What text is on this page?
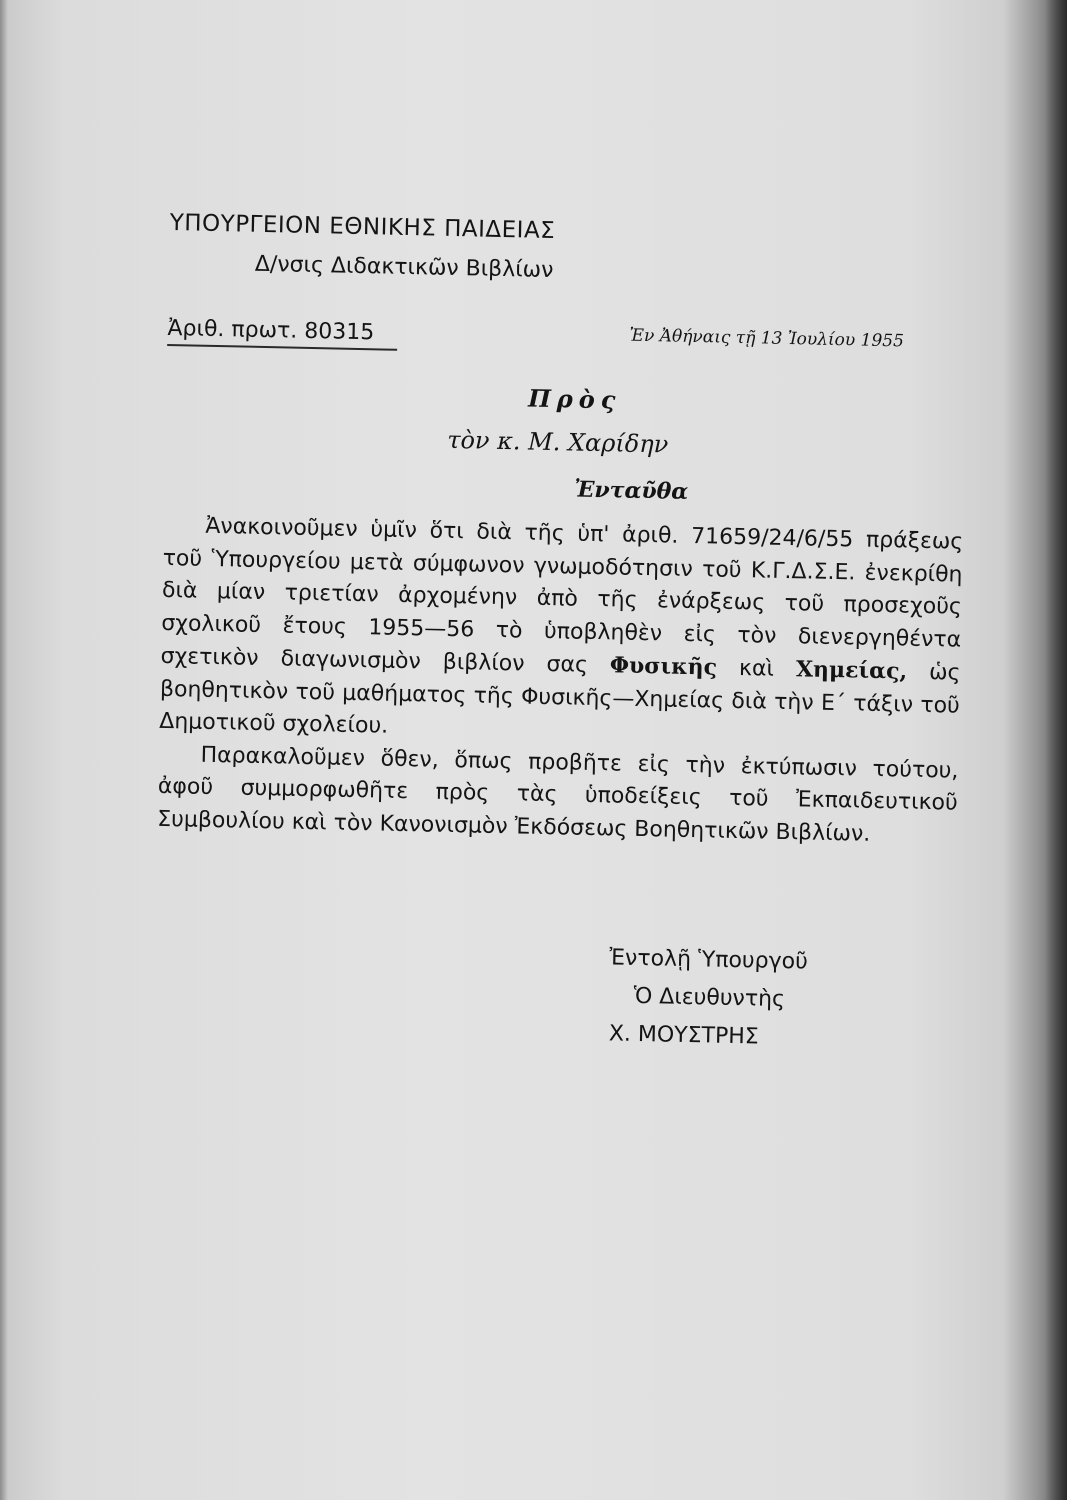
ΥΠΟΥΡΓΕΙΟΝ ΕΘΝΙΚΗΣ ΠΑΙΔΕΙΑΣ
Δ/νσις Διδακτικῶν Βιβλίων
Ἀριθ. πρωτ. 80315	Ἐν Ἀθήναις τῇ 13 Ἰουλίου 1955
Πρὸς
τὸν κ. Μ. Χαρίδην
Ἐνταῦθα

Ἀνακοινοῦμεν ὑμῖν ὅτι διὰ τῆς ὑπ' ἀριθ. 71659/24/6/55 πράξεως τοῦ Ὑπουργείου μετὰ σύμφωνον γνωμοδότησιν τοῦ Κ.Γ.Δ.Σ.Ε. ἐνεκρίθη διὰ μίαν τριετίαν ἀρχομένην ἀπὸ τῆς ἐνάρξεως τοῦ προσεχοῦς σχολικοῦ ἔτους 1955—56 τὸ ὑποβληθὲν εἰς τὸν διενεργηθέντα σχετικὸν διαγωνισμὸν βιβλίον σας Φυσικῆς καὶ Χημείας, ὡς βοηθητικὸν τοῦ μαθήματος τῆς Φυσικῆς—Χημείας διὰ τὴν Ε΄ τάξιν τοῦ Δημοτικοῦ σχολείου.

Παρακαλοῦμεν ὅθεν, ὅπως προβῆτε εἰς τὴν ἐκτύπωσιν τούτου, ἀφοῦ συμμορφωθῆτε πρὸς τὰς ὑποδείξεις τοῦ Ἐκπαιδευτικοῦ Συμβουλίου καὶ τὸν Κανονισμὸν Ἐκδόσεως Βοηθητικῶν Βιβλίων.

Ἐντολῇ Ὑπουργοῦ
Ὁ Διευθυντὴς
Χ. ΜΟΥΣΤΡΗΣ
